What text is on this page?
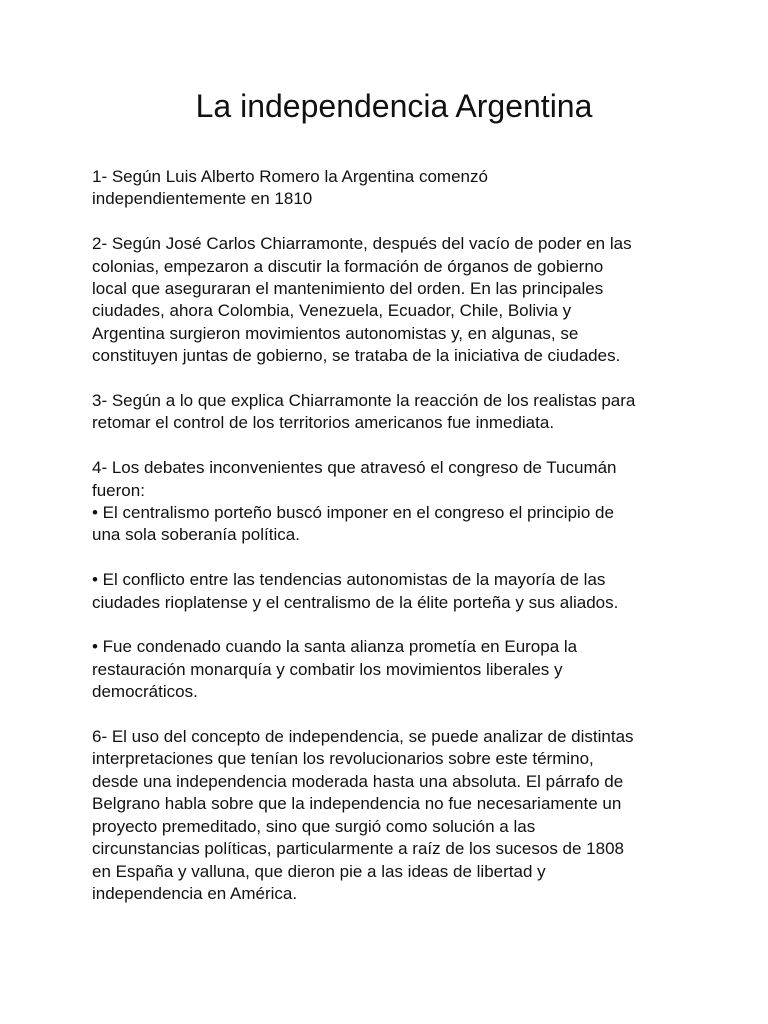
La independencia Argentina

1- Según Luis Alberto Romero la Argentina comenzó
independientemente en 1810

2- Según José Carlos Chiarramonte, después del vacío de poder en las
colonias, empezaron a discutir la formación de órganos de gobierno
local que aseguraran el mantenimiento del orden. En las principales
ciudades, ahora Colombia, Venezuela, Ecuador, Chile, Bolivia y
Argentina surgieron movimientos autonomistas y, en algunas, se
constituyen juntas de gobierno, se trataba de la iniciativa de ciudades.

3- Según a lo que explica Chiarramonte la reacción de los realistas para
retomar el control de los territorios americanos fue inmediata.

4- Los debates inconvenientes que atravesó el congreso de Tucumán
fueron:
• El centralismo porteño buscó imponer en el congreso el principio de
una sola soberanía política.

• El conflicto entre las tendencias autonomistas de la mayoría de las
ciudades rioplatense y el centralismo de la élite porteña y sus aliados.

• Fue condenado cuando la santa alianza prometía en Europa la
restauración monarquía y combatir los movimientos liberales y
democráticos.

6- El uso del concepto de independencia, se puede analizar de distintas
interpretaciones que tenían los revolucionarios sobre este término,
desde una independencia moderada hasta una absoluta. El párrafo de
Belgrano habla sobre que la independencia no fue necesariamente un
proyecto premeditado, sino que surgió como solución a las
circunstancias políticas, particularmente a raíz de los sucesos de 1808
en España y valluna, que dieron pie a las ideas de libertad y
independencia en América.
